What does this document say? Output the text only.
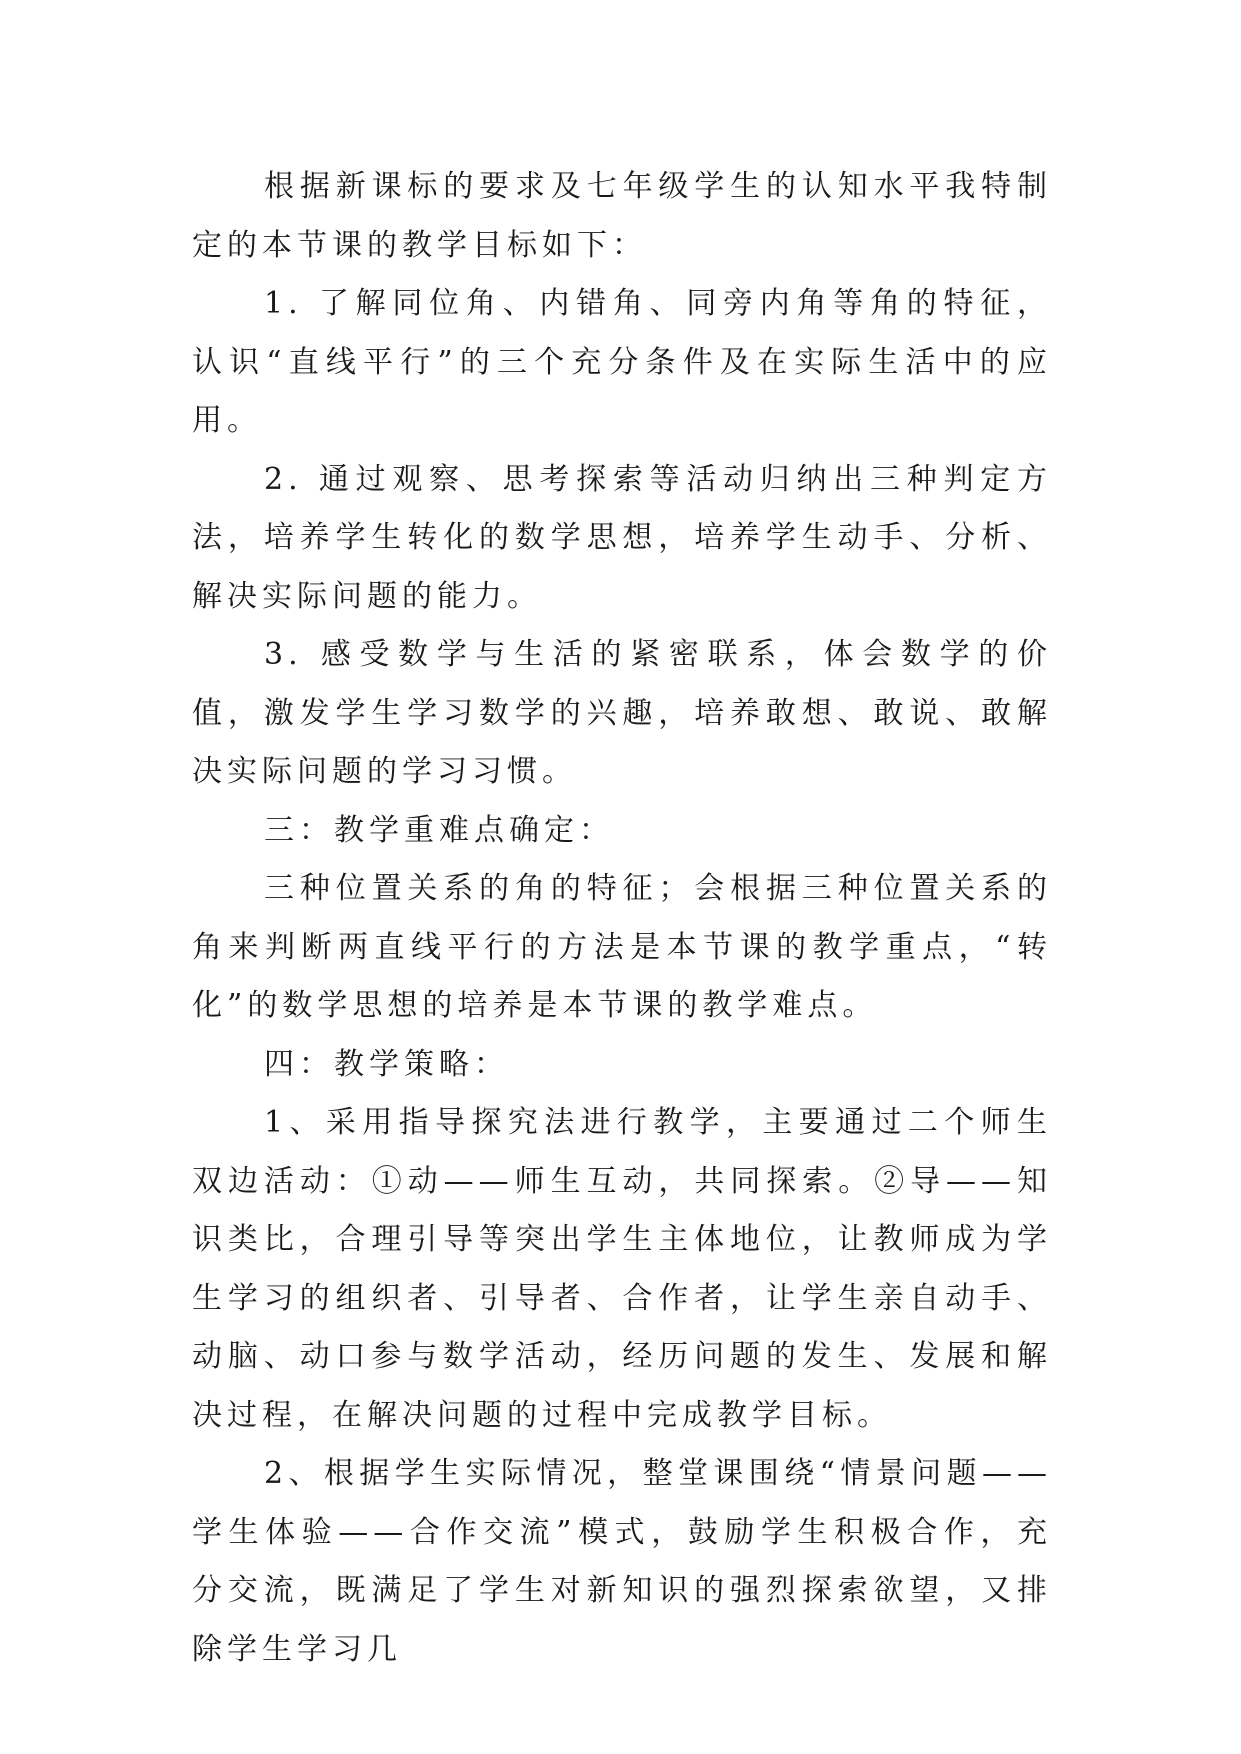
根据新课标的要求及七年级学生的认知水平我特制定的本节课的教学目标如下：

1. 了解同位角、内错角、同旁内角等角的特征，认识“直线平行”的三个充分条件及在实际生活中的应用。

2. 通过观察、思考探索等活动归纳出三种判定方法，培养学生转化的数学思想，培养学生动手、分析、解决实际问题的能力。

3. 感受数学与生活的紧密联系，体会数学的价值，激发学生学习数学的兴趣，培养敢想、敢说、敢解决实际问题的学习习惯。

三：教学重难点确定：

三种位置关系的角的特征；会根据三种位置关系的角来判断两直线平行的方法是本节课的教学重点，“转化”的数学思想的培养是本节课的教学难点。

四：教学策略：

1、采用指导探究法进行教学，主要通过二个师生双边活动：①动——师生互动，共同探索。②导——知识类比，合理引导等突出学生主体地位，让教师成为学生学习的组织者、引导者、合作者，让学生亲自动手、动脑、动口参与数学活动，经历问题的发生、发展和解决过程，在解决问题的过程中完成教学目标。

2、根据学生实际情况，整堂课围绕“情景问题——学生体验——合作交流”模式，鼓励学生积极合作，充分交流，既满足了学生对新知识的强烈探索欲望，又排除学生学习几
